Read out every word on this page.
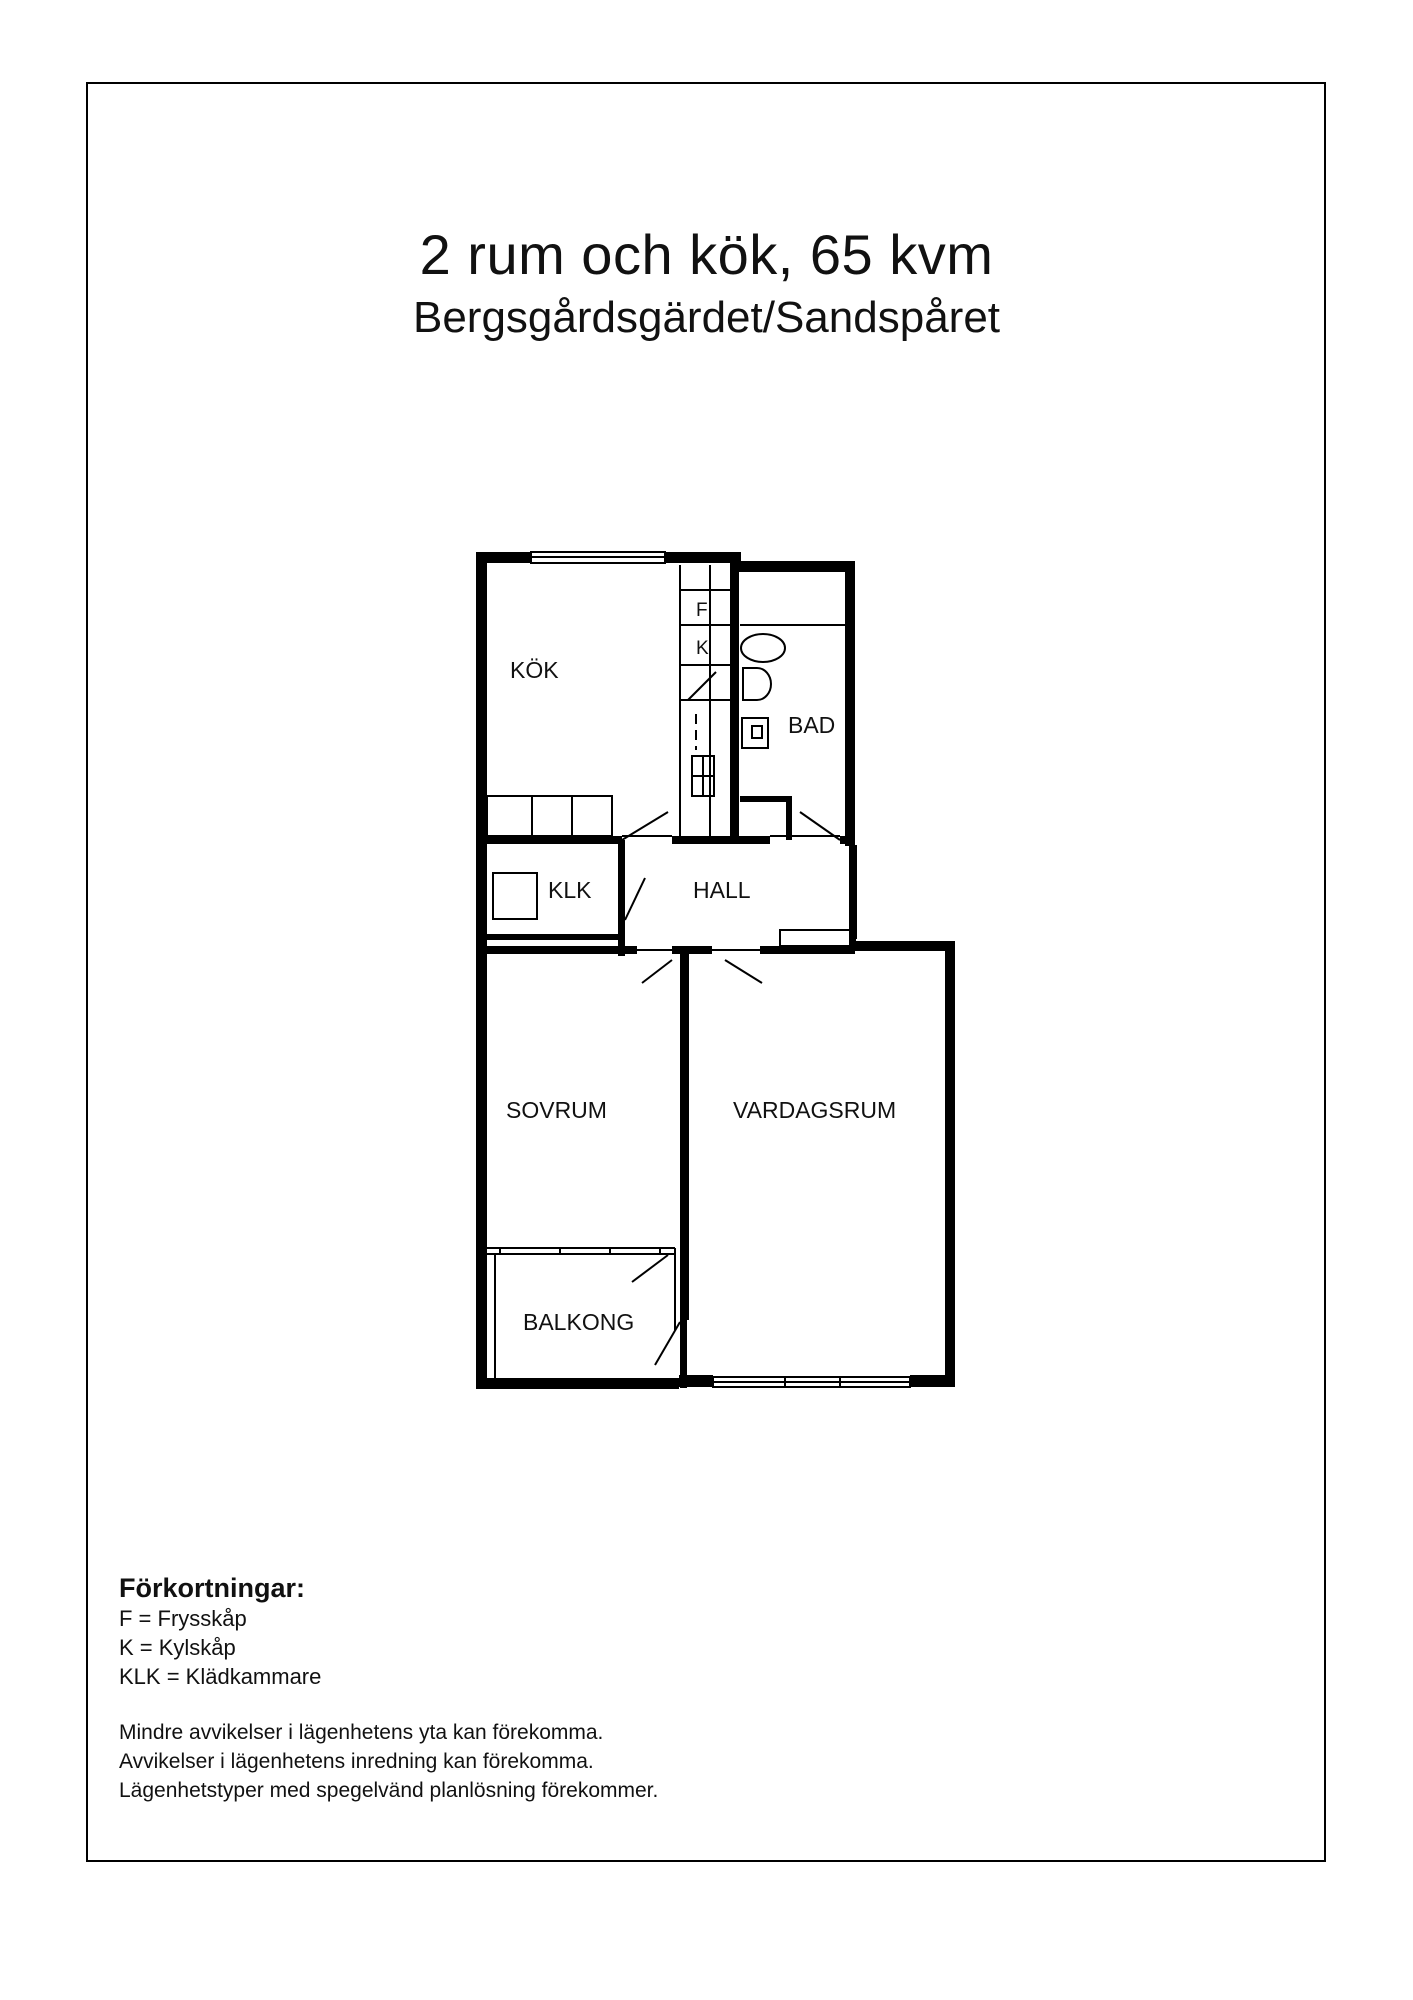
2 rum och kök, 65 kvm
Bergsgårdsgärdet/Sandspåret
KÖK
BAD
KLK	HALL
SOVRUM	VARDAGSRUM
BALKONG
F
K
Förkortningar:
F = Frysskåp
K = Kylskåp
KLK = Klädkammare
Mindre avvikelser i lägenhetens yta kan förekomma.
Avvikelser i lägenhetens inredning kan förekomma.
Lägenhetstyper med spegelvänd planlösning förekommer.
